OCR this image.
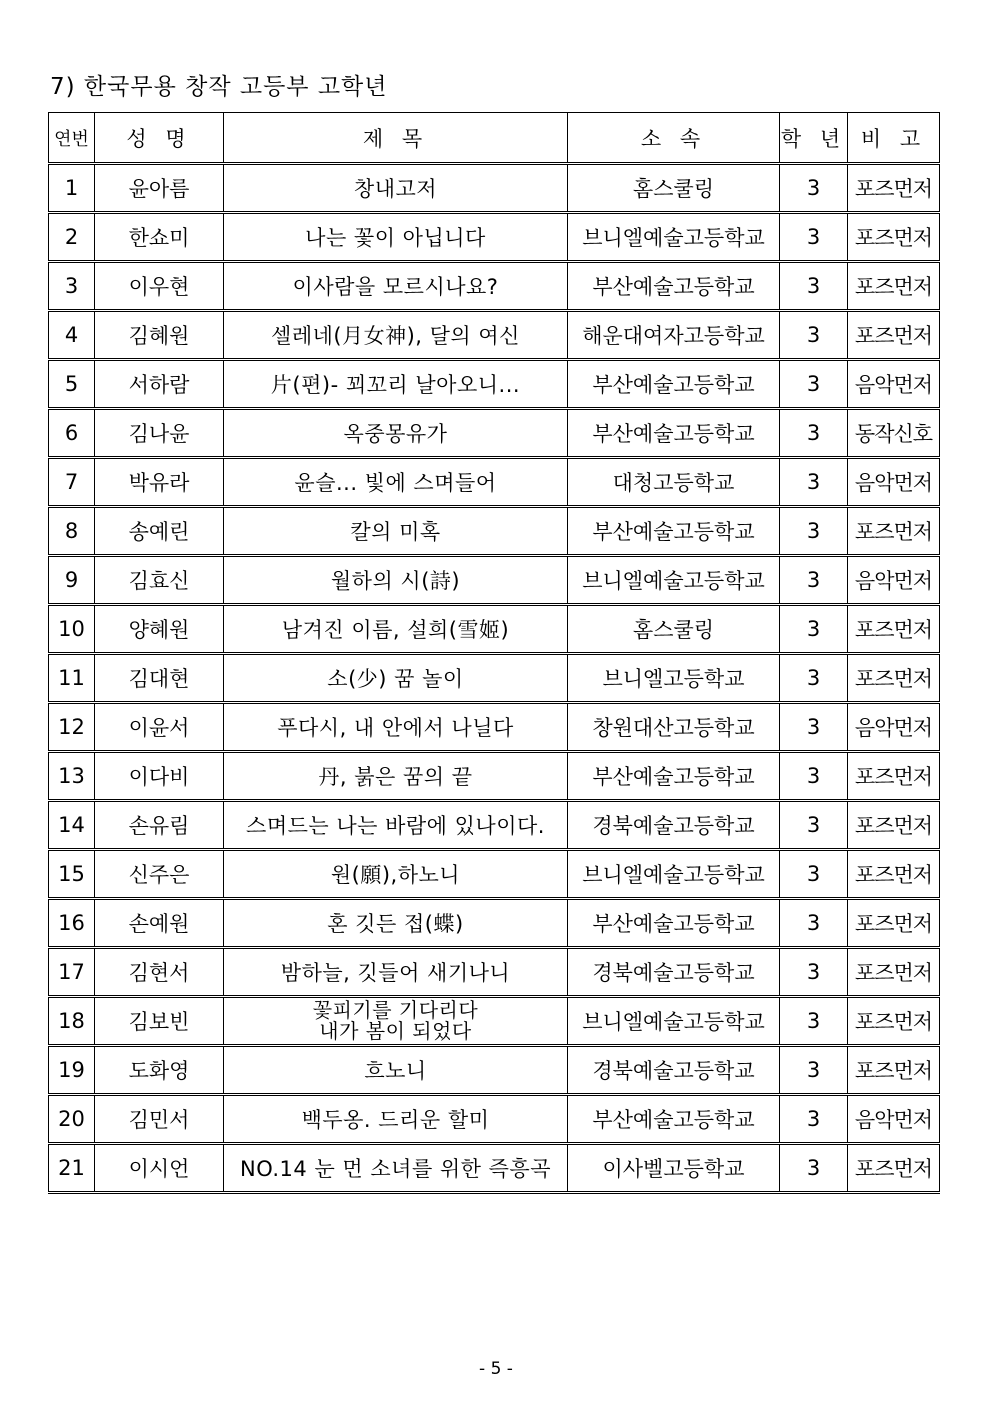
7) 한국무용 창작 고등부 고학년
연번	성 명	제 목	소 속	학 년	비 고
1	윤아름	창내고저	홈스쿨링	3	포즈먼저
2	한쇼미	나는 꽃이 아닙니다	브니엘예술고등학교	3	포즈먼저
3	이우현	이사람을 모르시나요?	부산예술고등학교	3	포즈먼저
4	김혜원	셀레네(月女神), 달의 여신	해운대여자고등학교	3	포즈먼저
5	서하람	片(편)- 꾀꼬리 날아오니...	부산예술고등학교	3	음악먼저
6	김나윤	옥중몽유가	부산예술고등학교	3	동작신호
7	박유라	윤슬... 빛에 스며들어	대청고등학교	3	음악먼저
8	송예린	칼의 미혹	부산예술고등학교	3	포즈먼저
9	김효신	월하의 시(詩)	브니엘예술고등학교	3	음악먼저
10	양혜원	남겨진 이름, 설희(雪姬)	홈스쿨링	3	포즈먼저
11	김대현	소(少) 꿈 놀이	브니엘고등학교	3	포즈먼저
12	이윤서	푸다시, 내 안에서 나닐다	창원대산고등학교	3	음악먼저
13	이다비	丹, 붉은 꿈의 끝	부산예술고등학교	3	포즈먼저
14	손유림	스며드는 나는 바람에 있나이다.	경북예술고등학교	3	포즈먼저
15	신주은	원(願),하노니	브니엘예술고등학교	3	포즈먼저
16	손예원	혼 깃든 접(蝶)	부산예술고등학교	3	포즈먼저
17	김현서	밤하늘, 깃들어 새기나니	경북예술고등학교	3	포즈먼저
18	김보빈	꽃피기를 기다리다
내가 봄이 되었다	브니엘예술고등학교	3	포즈먼저
19	도화영	흐노니	경북예술고등학교	3	포즈먼저
20	김민서	백두옹. 드리운 할미	부산예술고등학교	3	음악먼저
21	이시언	NO.14 눈 먼 소녀를 위한 즉흥곡	이사벨고등학교	3	포즈먼저
- 5 -
